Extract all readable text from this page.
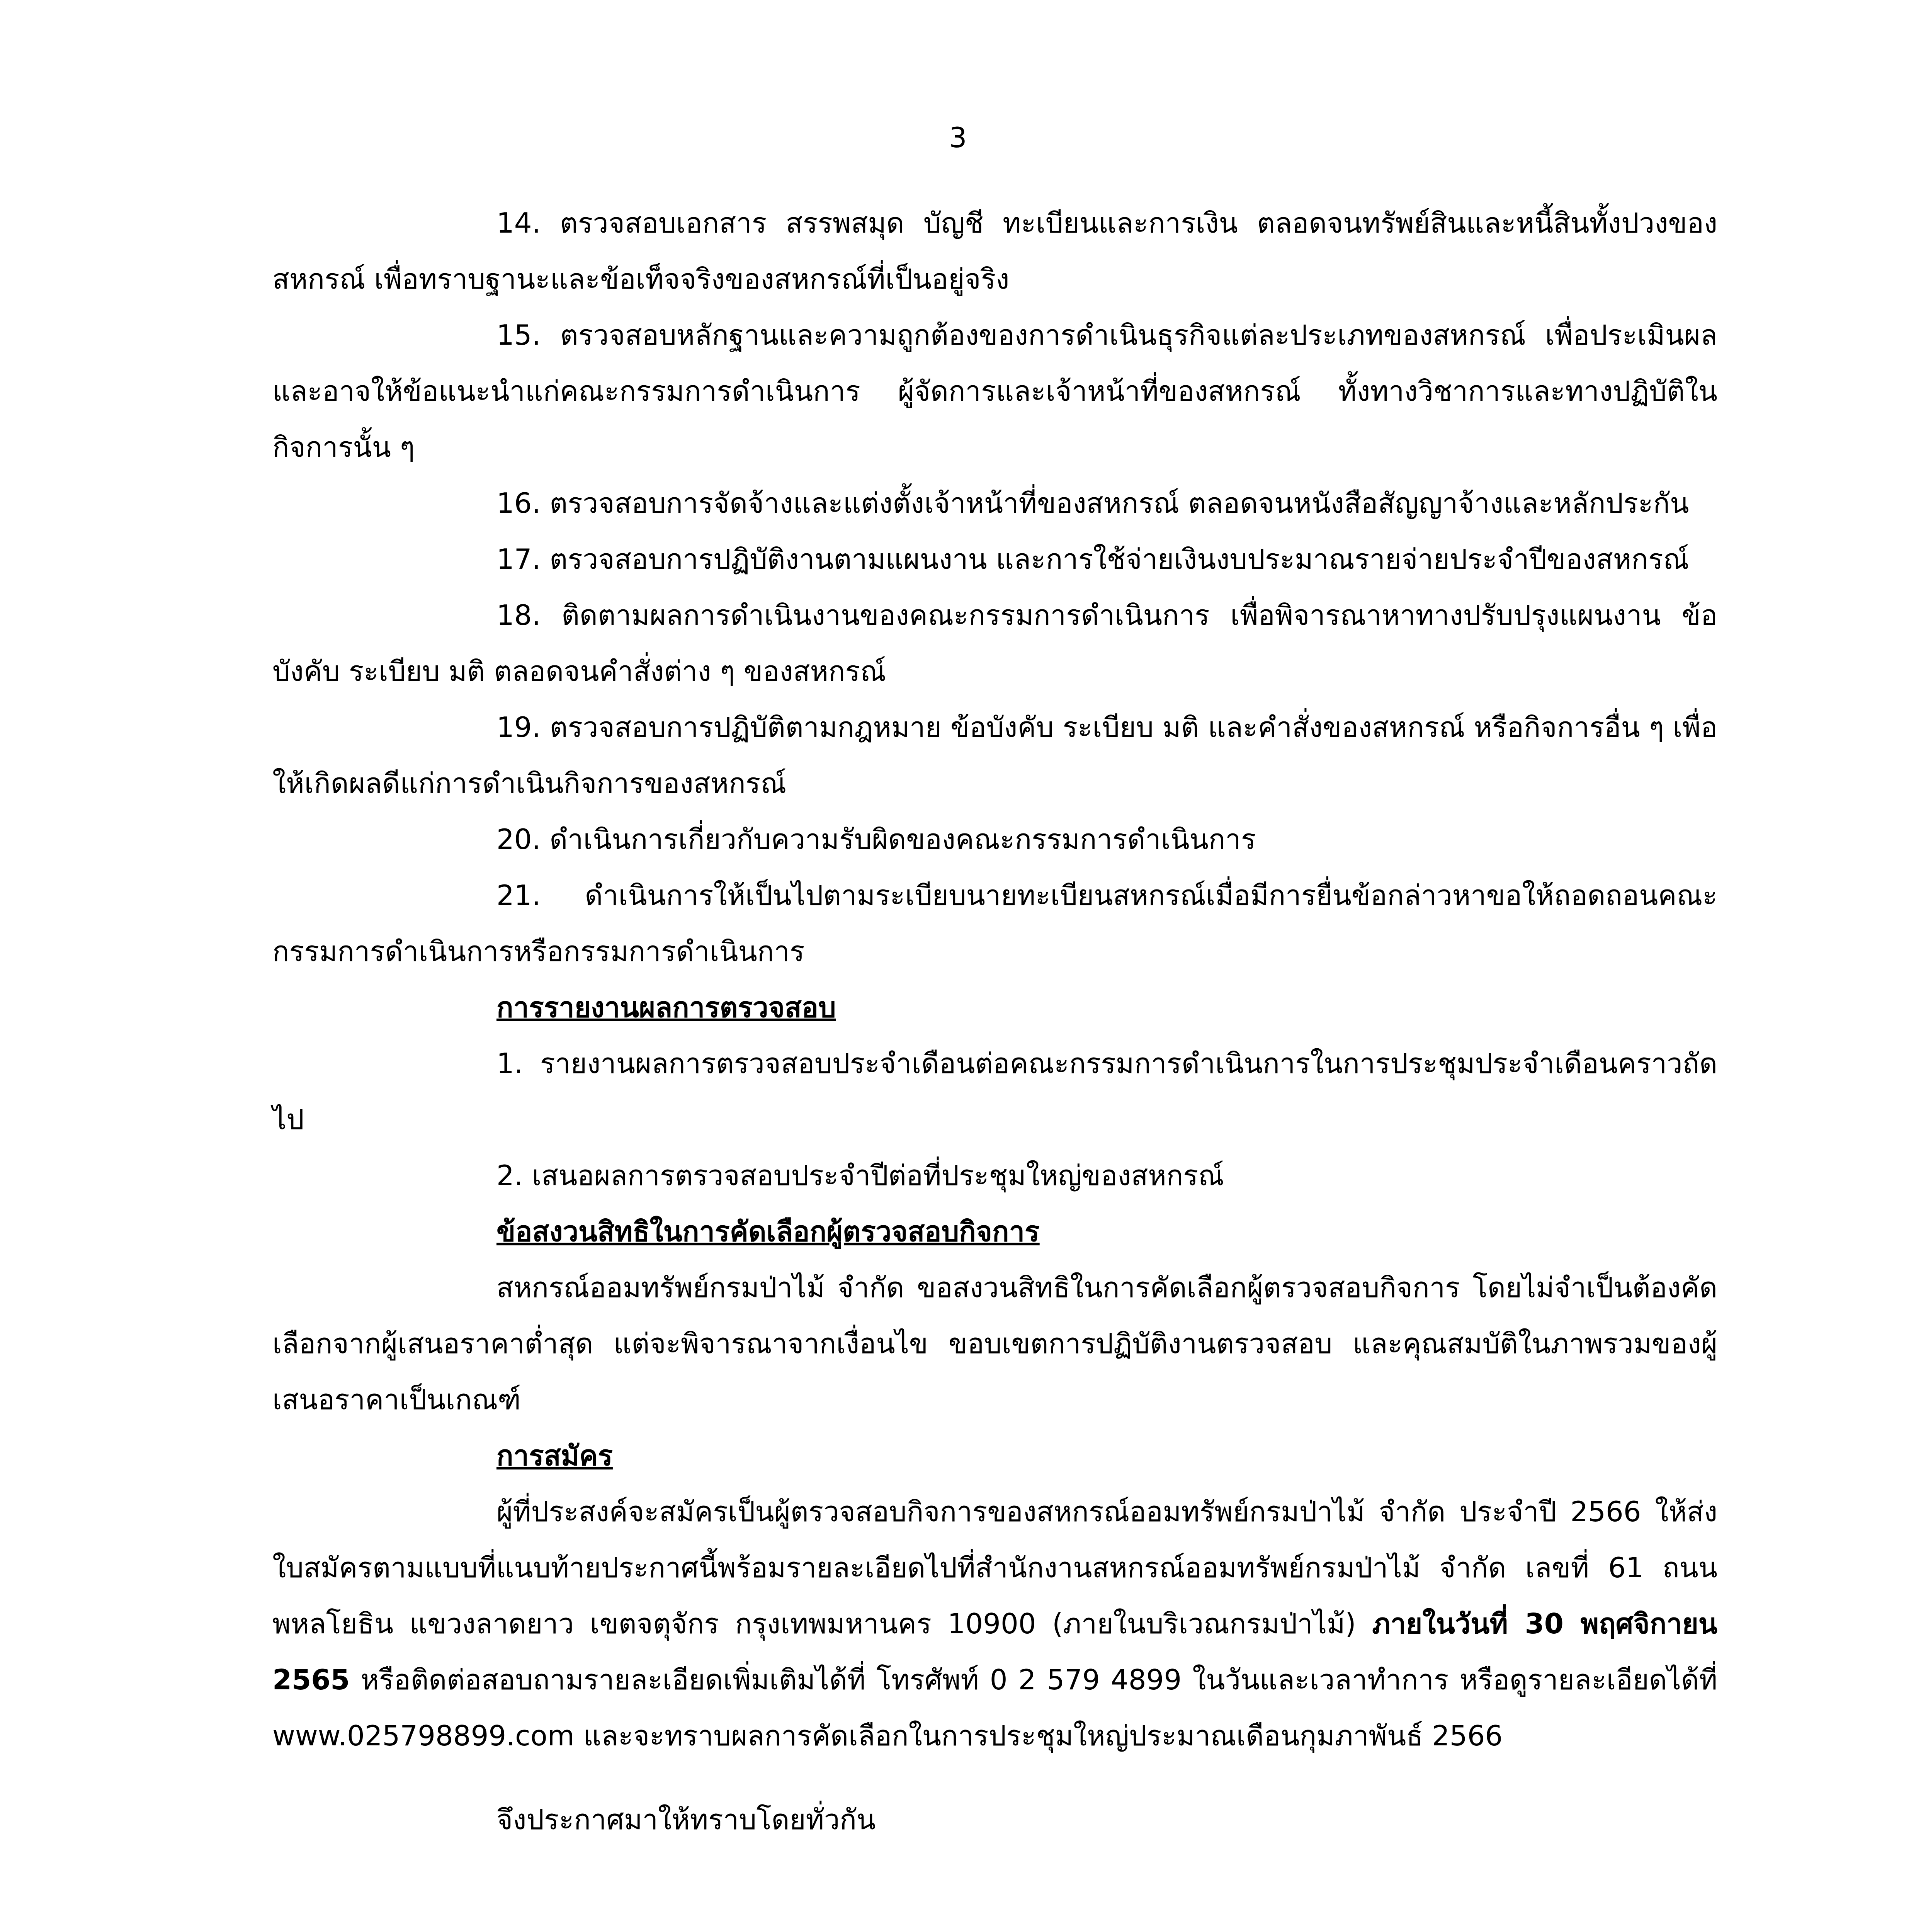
3

14. ตรวจสอบเอกสาร สรรพสมุด บัญชี ทะเบียนและการเงิน ตลอดจนทรัพย์สินและหนี้สินทั้งปวงของสหกรณ์ เพื่อทราบฐานะและข้อเท็จจริงของสหกรณ์ที่เป็นอยู่จริง

15. ตรวจสอบหลักฐานและความถูกต้องของการดำเนินธุรกิจแต่ละประเภทของสหกรณ์ เพื่อประเมินผลและอาจให้ข้อแนะนำแก่คณะกรรมการดำเนินการ ผู้จัดการและเจ้าหน้าที่ของสหกรณ์ ทั้งทางวิชาการและทางปฏิบัติในกิจการนั้น ๆ

16. ตรวจสอบการจัดจ้างและแต่งตั้งเจ้าหน้าที่ของสหกรณ์ ตลอดจนหนังสือสัญญาจ้างและหลักประกัน

17. ตรวจสอบการปฏิบัติงานตามแผนงาน และการใช้จ่ายเงินงบประมาณรายจ่ายประจำปีของสหกรณ์

18. ติดตามผลการดำเนินงานของคณะกรรมการดำเนินการ เพื่อพิจารณาหาทางปรับปรุงแผนงาน ข้อบังคับ ระเบียบ มติ ตลอดจนคำสั่งต่าง ๆ ของสหกรณ์

19. ตรวจสอบการปฏิบัติตามกฎหมาย ข้อบังคับ ระเบียบ มติ และคำสั่งของสหกรณ์ หรือกิจการอื่น ๆ เพื่อให้เกิดผลดีแก่การดำเนินกิจการของสหกรณ์

20. ดำเนินการเกี่ยวกับความรับผิดของคณะกรรมการดำเนินการ

21. ดำเนินการให้เป็นไปตามระเบียบนายทะเบียนสหกรณ์เมื่อมีการยื่นข้อกล่าวหาขอให้ถอดถอนคณะกรรมการดำเนินการหรือกรรมการดำเนินการ

การรายงานผลการตรวจสอบ

1. รายงานผลการตรวจสอบประจำเดือนต่อคณะกรรมการดำเนินการในการประชุมประจำเดือนคราวถัดไป

2. เสนอผลการตรวจสอบประจำปีต่อที่ประชุมใหญ่ของสหกรณ์

ข้อสงวนสิทธิในการคัดเลือกผู้ตรวจสอบกิจการ

สหกรณ์ออมทรัพย์กรมป่าไม้ จำกัด ขอสงวนสิทธิในการคัดเลือกผู้ตรวจสอบกิจการ โดยไม่จำเป็นต้องคัดเลือกจากผู้เสนอราคาต่ำสุด แต่จะพิจารณาจากเงื่อนไข ขอบเขตการปฏิบัติงานตรวจสอบ และคุณสมบัติในภาพรวมของผู้เสนอราคาเป็นเกณฑ์

การสมัคร

ผู้ที่ประสงค์จะสมัครเป็นผู้ตรวจสอบกิจการของสหกรณ์ออมทรัพย์กรมป่าไม้ จำกัด ประจำปี 2566 ให้ส่งใบสมัครตามแบบที่แนบท้ายประกาศนี้พร้อมรายละเอียดไปที่สำนักงานสหกรณ์ออมทรัพย์กรมป่าไม้ จำกัด เลขที่ 61 ถนนพหลโยธิน แขวงลาดยาว เขตจตุจักร กรุงเทพมหานคร 10900 (ภายในบริเวณกรมป่าไม้) ภายในวันที่ 30 พฤศจิกายน 2565 หรือติดต่อสอบถามรายละเอียดเพิ่มเติมได้ที่ โทรศัพท์ 0 2 579 4899 ในวันและเวลาทำการ หรือดูรายละเอียดได้ที่ www.025798899.com และจะทราบผลการคัดเลือกในการประชุมใหญ่ประมาณเดือนกุมภาพันธ์ 2566

จึงประกาศมาให้ทราบโดยทั่วกัน
